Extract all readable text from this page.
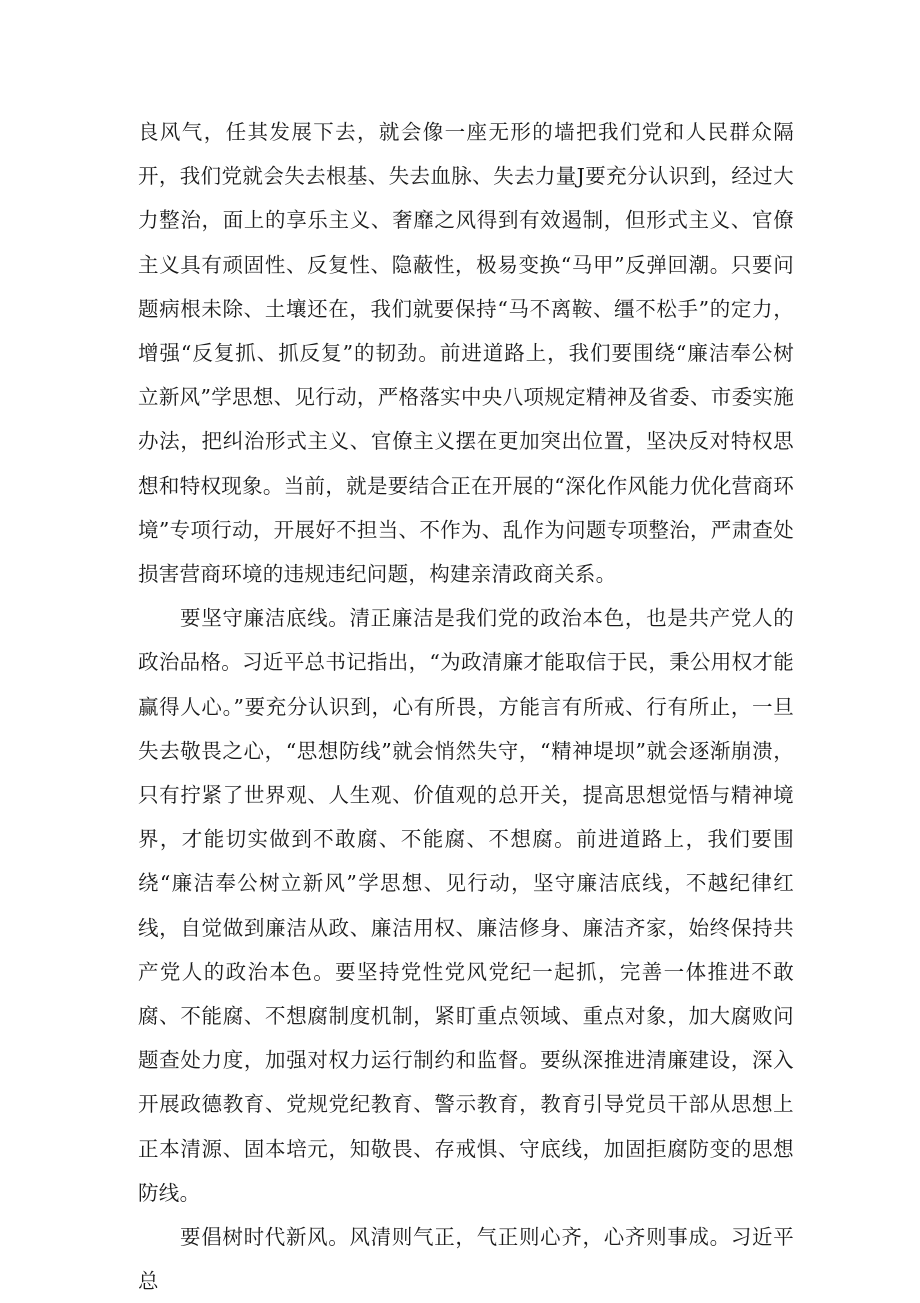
良风气，任其发展下去，就会像一座无形的墙把我们党和人民群众隔开，我们党就会失去根基、失去血脉、失去力量J要充分认识到，经过大力整治，面上的享乐主义、奢靡之风得到有效遏制，但形式主义、官僚主义具有顽固性、反复性、隐蔽性，极易变换“马甲”反弹回潮。只要问题病根未除、土壤还在，我们就要保持“马不离鞍、缰不松手”的定力，增强“反复抓、抓反复”的韧劲。前进道路上，我们要围绕“廉洁奉公树立新风”学思想、见行动，严格落实中央八项规定精神及省委、市委实施办法，把纠治形式主义、官僚主义摆在更加突出位置，坚决反对特权思想和特权现象。当前，就是要结合正在开展的“深化作风能力优化营商环境”专项行动，开展好不担当、不作为、乱作为问题专项整治，严肃查处损害营商环境的违规违纪问题，构建亲清政商关系。

要坚守廉洁底线。清正廉洁是我们党的政治本色，也是共产党人的政治品格。习近平总书记指出，“为政清廉才能取信于民，秉公用权才能赢得人心。”要充分认识到，心有所畏，方能言有所戒、行有所止，一旦失去敬畏之心，“思想防线”就会悄然失守，“精神堤坝”就会逐渐崩溃，只有拧紧了世界观、人生观、价值观的总开关，提高思想觉悟与精神境界，才能切实做到不敢腐、不能腐、不想腐。前进道路上，我们要围绕“廉洁奉公树立新风”学思想、见行动，坚守廉洁底线，不越纪律红线，自觉做到廉洁从政、廉洁用权、廉洁修身、廉洁齐家，始终保持共产党人的政治本色。要坚持党性党风党纪一起抓，完善一体推进不敢腐、不能腐、不想腐制度机制，紧盯重点领域、重点对象，加大腐败问题查处力度，加强对权力运行制约和监督。要纵深推进清廉建设，深入开展政德教育、党规党纪教育、警示教育，教育引导党员干部从思想上正本清源、固本培元，知敬畏、存戒惧、守底线，加固拒腐防变的思想防线。

要倡树时代新风。风清则气正，气正则心齐，心齐则事成。习近平总
